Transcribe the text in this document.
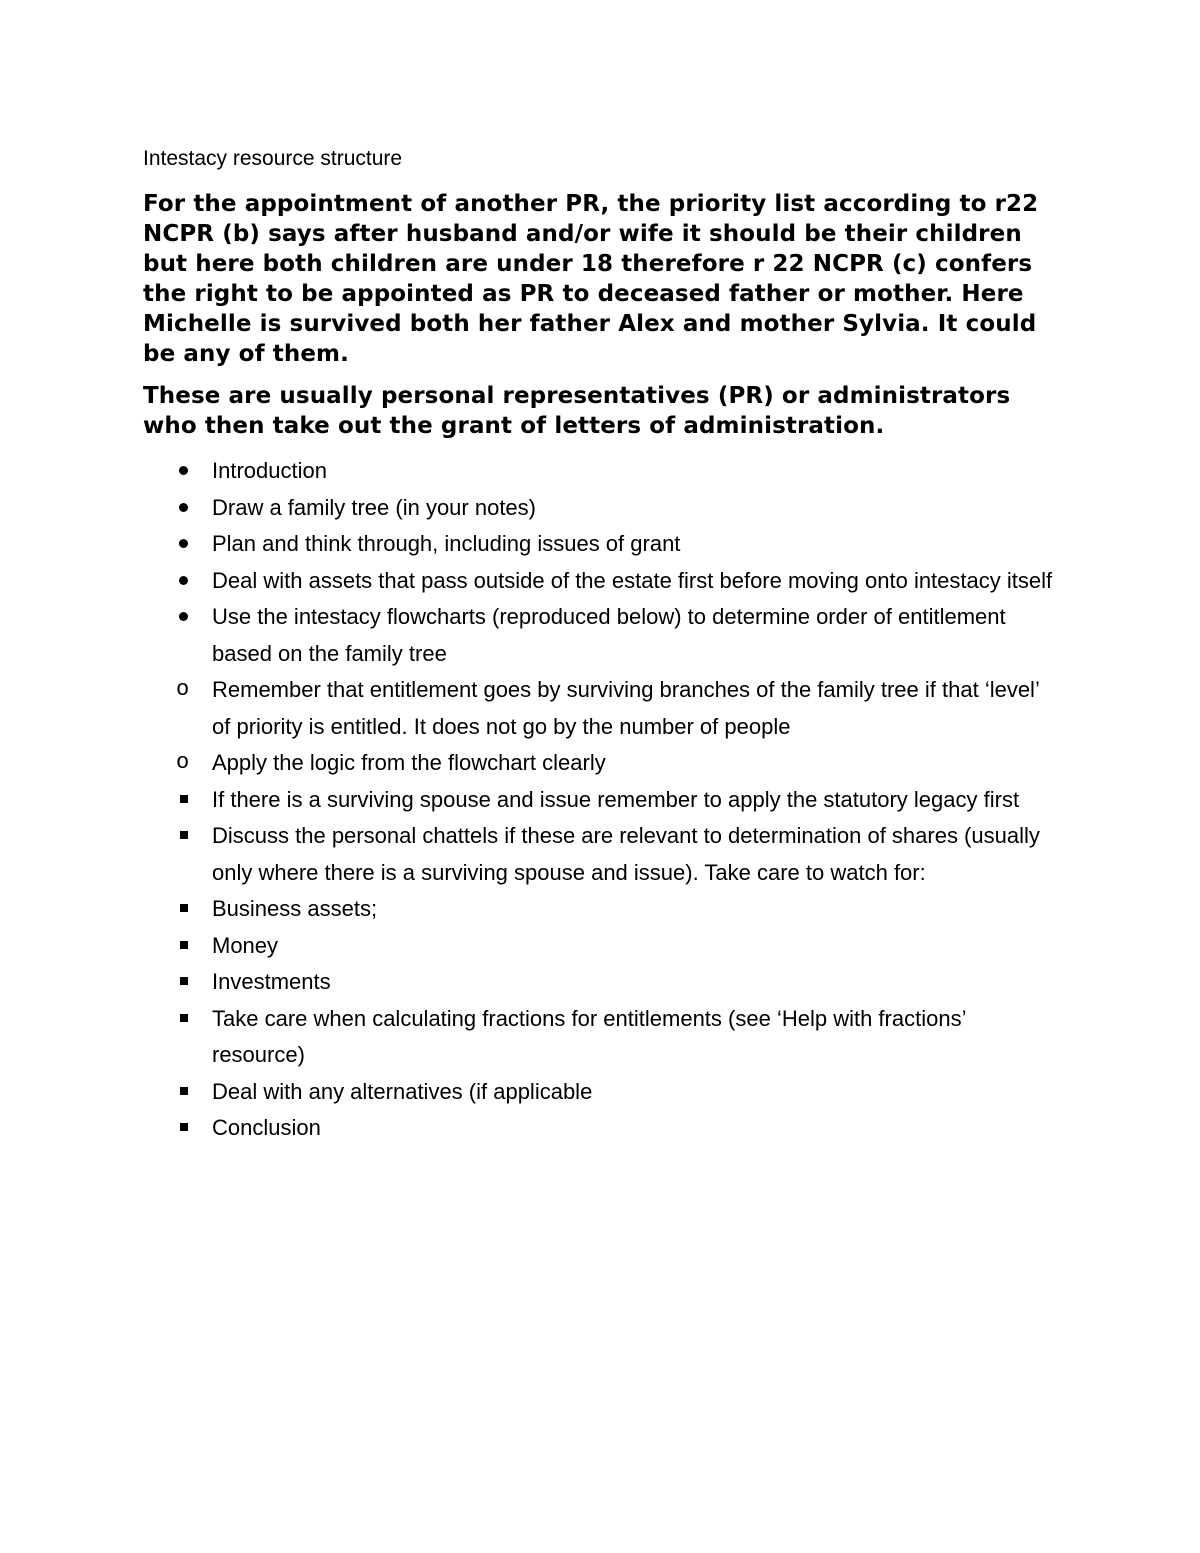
Intestacy resource structure

For the appointment of another PR, the priority list according to r22 NCPR (b) says after husband and/or wife it should be their children but here both children are under 18 therefore r 22 NCPR (c) confers the right to be appointed as PR to deceased father or mother. Here Michelle is survived both her father Alex and mother Sylvia. It could be any of them.

These are usually personal representatives (PR) or administrators who then take out the grant of letters of administration.

Introduction
Draw a family tree (in your notes)
Plan and think through, including issues of grant
Deal with assets that pass outside of the estate first before moving onto intestacy itself
Use the intestacy flowcharts (reproduced below) to determine order of entitlement based on the family tree
Remember that entitlement goes by surviving branches of the family tree if that ‘level’ of priority is entitled. It does not go by the number of people
Apply the logic from the flowchart clearly
If there is a surviving spouse and issue remember to apply the statutory legacy first
Discuss the personal chattels if these are relevant to determination of shares (usually only where there is a surviving spouse and issue). Take care to watch for:
Business assets;
Money
Investments
Take care when calculating fractions for entitlements (see ‘Help with fractions’ resource)
Deal with any alternatives (if applicable
Conclusion
